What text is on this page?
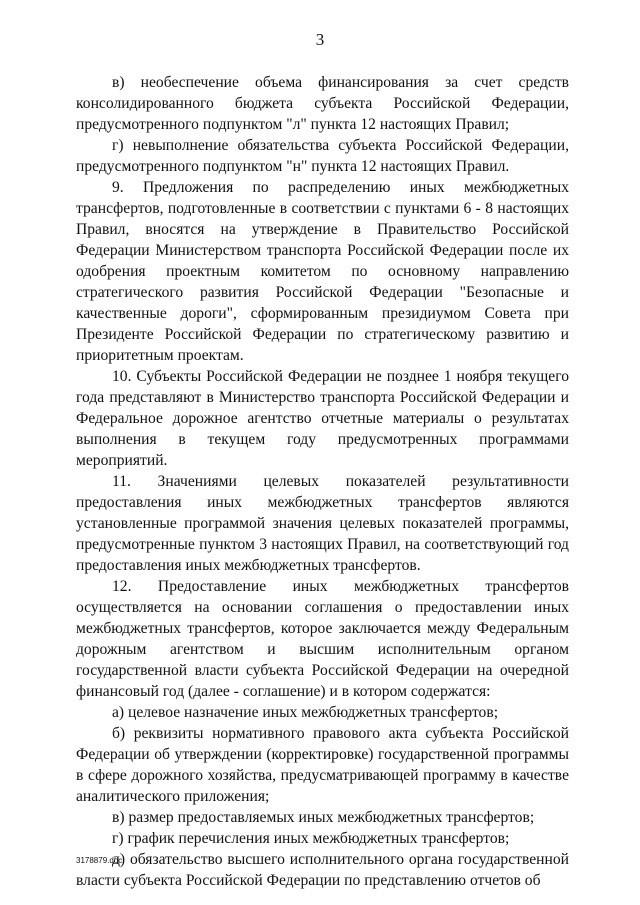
3

в) необеспечение объема финансирования за счет средств консолидированного бюджета субъекта Российской Федерации, предусмотренного подпунктом "л" пункта 12 настоящих Правил;

г) невыполнение обязательства субъекта Российской Федерации, предусмотренного подпунктом "н" пункта 12 настоящих Правил.

9. Предложения по распределению иных межбюджетных трансфертов, подготовленные в соответствии с пунктами 6 - 8 настоящих Правил, вносятся на утверждение в Правительство Российской Федерации Министерством транспорта Российской Федерации после их одобрения проектным комитетом по основному направлению стратегического развития Российской Федерации "Безопасные и качественные дороги", сформированным президиумом Совета при Президенте Российской Федерации по стратегическому развитию и приоритетным проектам.

10. Субъекты Российской Федерации не позднее 1 ноября текущего года представляют в Министерство транспорта Российской Федерации и Федеральное дорожное агентство отчетные материалы о результатах выполнения в текущем году предусмотренных программами мероприятий.

11. Значениями целевых показателей результативности предоставления иных межбюджетных трансфертов являются установленные программой значения целевых показателей программы, предусмотренные пунктом 3 настоящих Правил, на соответствующий год предоставления иных межбюджетных трансфертов.

12. Предоставление иных межбюджетных трансфертов осуществляется на основании соглашения о предоставлении иных межбюджетных трансфертов, которое заключается между Федеральным дорожным агентством и высшим исполнительным органом государственной власти субъекта Российской Федерации на очередной финансовый год (далее - соглашение) и в котором содержатся:

а) целевое назначение иных межбюджетных трансфертов;

б) реквизиты нормативного правового акта субъекта Российской Федерации об утверждении (корректировке) государственной программы в сфере дорожного хозяйства, предусматривающей программу в качестве аналитического приложения;

в) размер предоставляемых иных межбюджетных трансфертов;

г) график перечисления иных межбюджетных трансфертов;

д) обязательство высшего исполнительного органа государственной власти субъекта Российской Федерации по представлению отчетов об

3178879.doc
